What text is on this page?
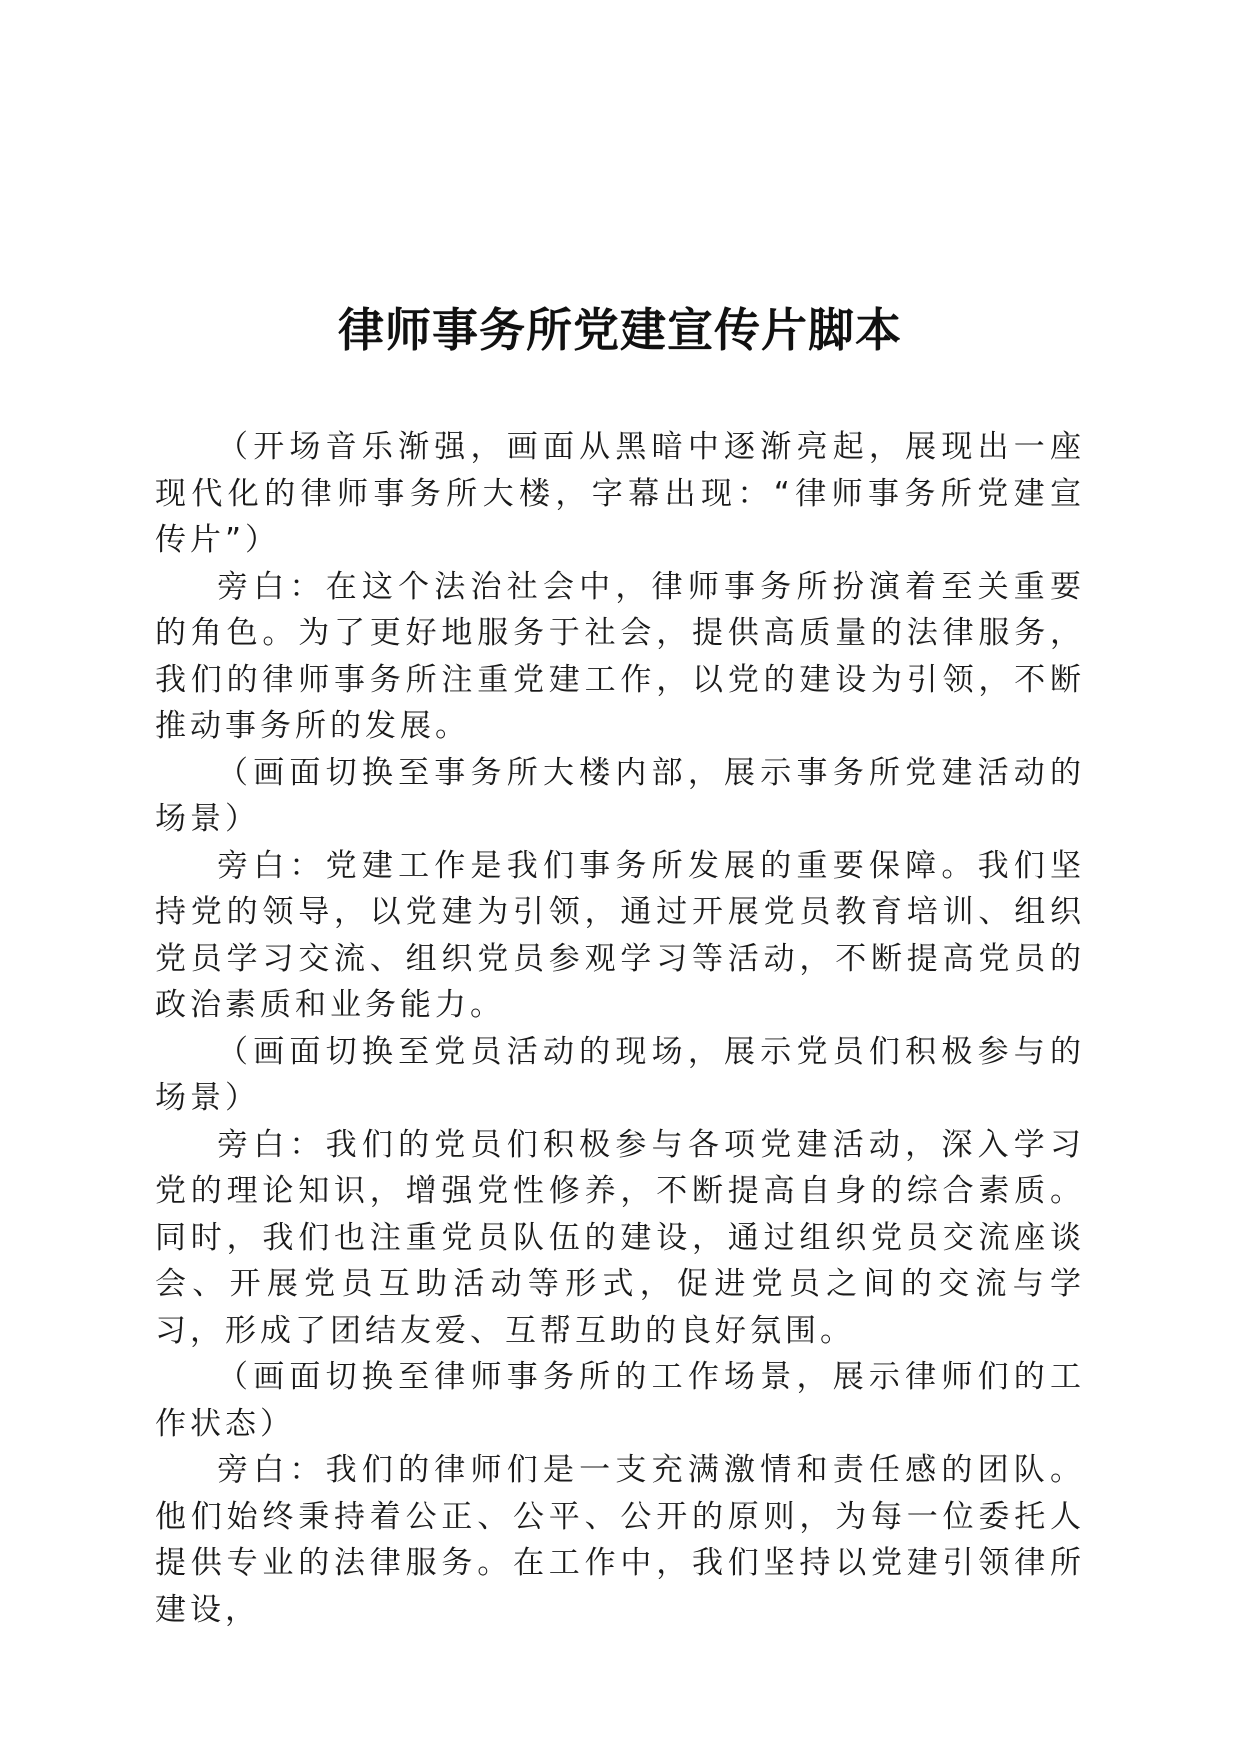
律师事务所党建宣传片脚本

（开场音乐渐强，画面从黑暗中逐渐亮起，展现出一座现代化的律师事务所大楼，字幕出现：“律师事务所党建宣传片”）

旁白：在这个法治社会中，律师事务所扮演着至关重要的角色。为了更好地服务于社会，提供高质量的法律服务，我们的律师事务所注重党建工作，以党的建设为引领，不断推动事务所的发展。

（画面切换至事务所大楼内部，展示事务所党建活动的场景）

旁白：党建工作是我们事务所发展的重要保障。我们坚持党的领导，以党建为引领，通过开展党员教育培训、组织党员学习交流、组织党员参观学习等活动，不断提高党员的政治素质和业务能力。

（画面切换至党员活动的现场，展示党员们积极参与的场景）

旁白：我们的党员们积极参与各项党建活动，深入学习党的理论知识，增强党性修养，不断提高自身的综合素质。同时，我们也注重党员队伍的建设，通过组织党员交流座谈会、开展党员互助活动等形式，促进党员之间的交流与学习，形成了团结友爱、互帮互助的良好氛围。

（画面切换至律师事务所的工作场景，展示律师们的工作状态）

旁白：我们的律师们是一支充满激情和责任感的团队。他们始终秉持着公正、公平、公开的原则，为每一位委托人提供专业的法律服务。在工作中，我们坚持以党建引领律所建设，
